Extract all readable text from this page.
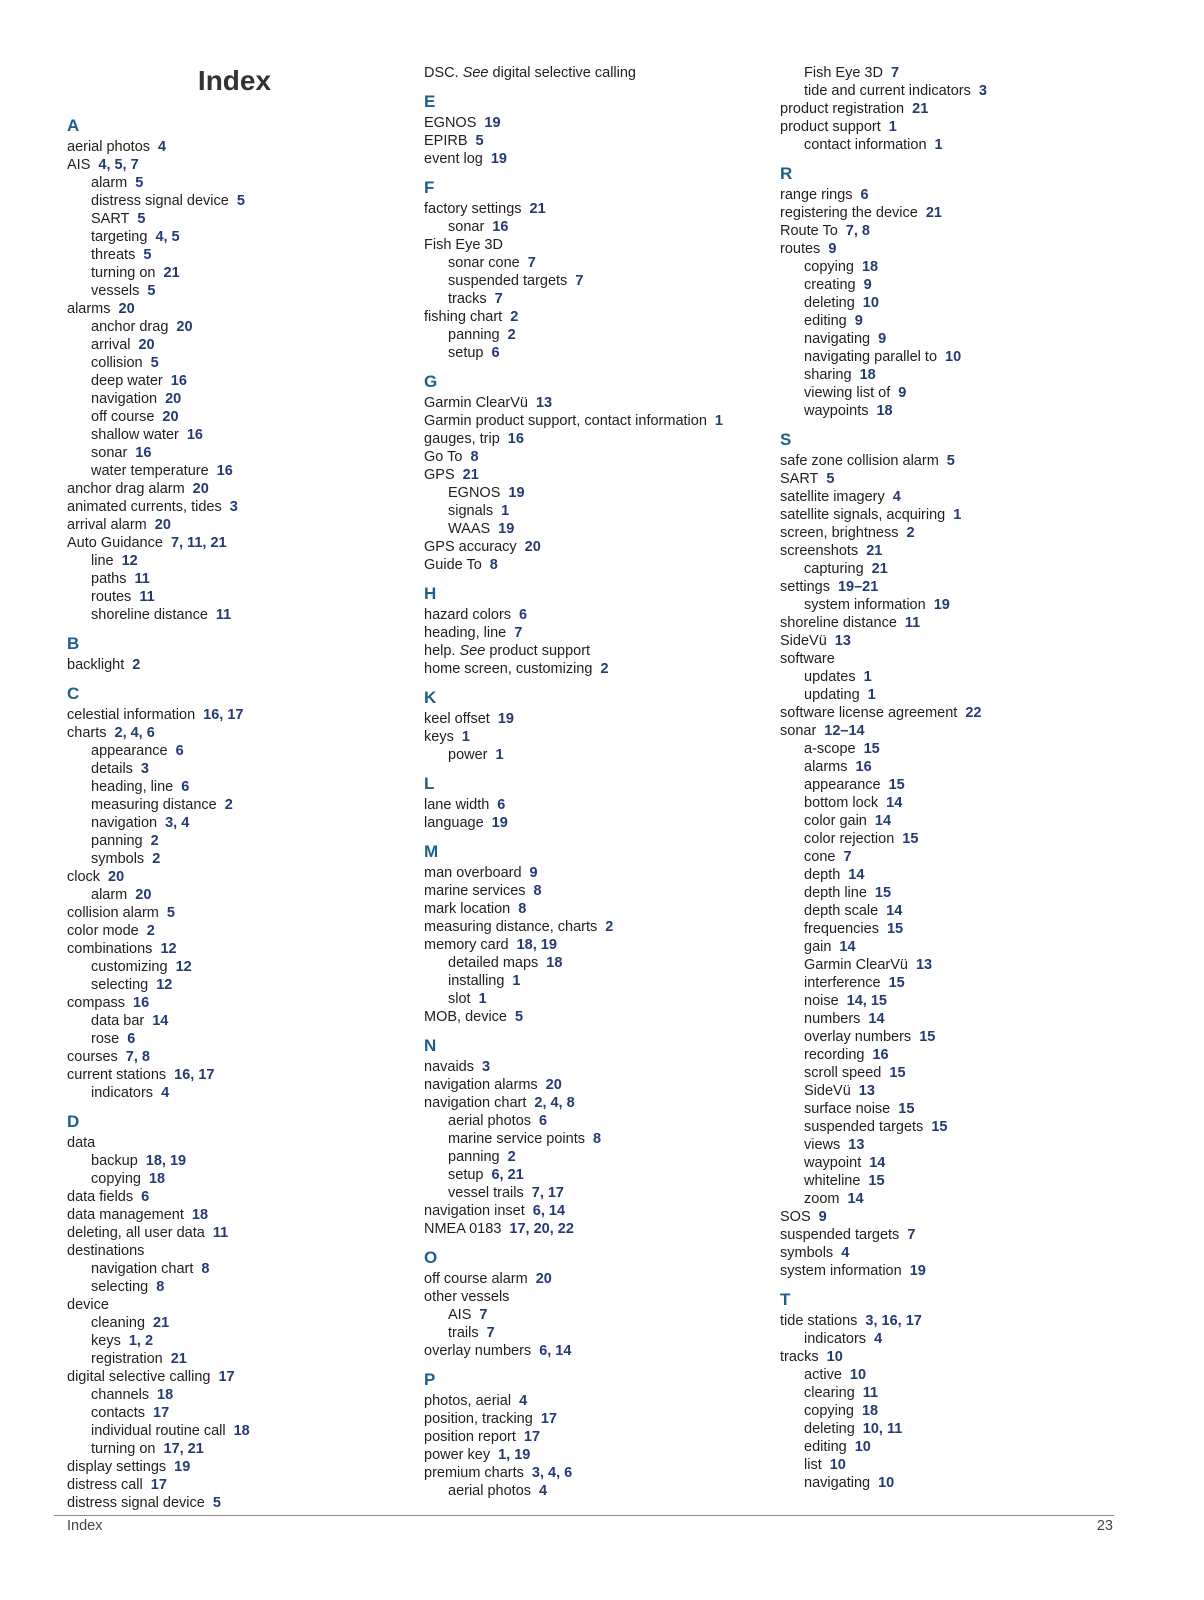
Index
A
aerial photos 4
AIS 4, 5, 7
alarm 5
distress signal device 5
SART 5
targeting 4, 5
threats 5
turning on 21
vessels 5
alarms 20
anchor drag 20
arrival 20
collision 5
deep water 16
navigation 20
off course 20
shallow water 16
sonar 16
water temperature 16
anchor drag alarm 20
animated currents, tides 3
arrival alarm 20
Auto Guidance 7, 11, 21
line 12
paths 11
routes 11
shoreline distance 11
B
backlight 2
C
celestial information 16, 17
charts 2, 4, 6
appearance 6
details 3
heading, line 6
measuring distance 2
navigation 3, 4
panning 2
symbols 2
clock 20
alarm 20
collision alarm 5
color mode 2
combinations 12
customizing 12
selecting 12
compass 16
data bar 14
rose 6
courses 7, 8
current stations 16, 17
indicators 4
D
data
backup 18, 19
copying 18
data fields 6
data management 18
deleting, all user data 11
destinations
navigation chart 8
selecting 8
device
cleaning 21
keys 1, 2
registration 21
digital selective calling 17
channels 18
contacts 17
individual routine call 18
turning on 17, 21
display settings 19
distress call 17
distress signal device 5
DSC. See digital selective calling
E
EGNOS 19
EPIRB 5
event log 19
F
factory settings 21
sonar 16
Fish Eye 3D
sonar cone 7
suspended targets 7
tracks 7
fishing chart 2
panning 2
setup 6
G
Garmin ClearVü 13
Garmin product support, contact information 1
gauges, trip 16
Go To 8
GPS 21
EGNOS 19
signals 1
WAAS 19
GPS accuracy 20
Guide To 8
H
hazard colors 6
heading, line 7
help. See product support
home screen, customizing 2
K
keel offset 19
keys 1
power 1
L
lane width 6
language 19
M
man overboard 9
marine services 8
mark location 8
measuring distance, charts 2
memory card 18, 19
detailed maps 18
installing 1
slot 1
MOB, device 5
N
navaids 3
navigation alarms 20
navigation chart 2, 4, 8
aerial photos 6
marine service points 8
panning 2
setup 6, 21
vessel trails 7, 17
navigation inset 6, 14
NMEA 0183 17, 20, 22
O
off course alarm 20
other vessels
AIS 7
trails 7
overlay numbers 6, 14
P
photos, aerial 4
position, tracking 17
position report 17
power key 1, 19
premium charts 3, 4, 6
aerial photos 4
Fish Eye 3D 7
tide and current indicators 3
product registration 21
product support 1
contact information 1
R
range rings 6
registering the device 21
Route To 7, 8
routes 9
copying 18
creating 9
deleting 10
editing 9
navigating 9
navigating parallel to 10
sharing 18
viewing list of 9
waypoints 18
S
safe zone collision alarm 5
SART 5
satellite imagery 4
satellite signals, acquiring 1
screen, brightness 2
screenshots 21
capturing 21
settings 19–21
system information 19
shoreline distance 11
SideVü 13
software
updates 1
updating 1
software license agreement 22
sonar 12–14
a-scope 15
alarms 16
appearance 15
bottom lock 14
color gain 14
color rejection 15
cone 7
depth 14
depth line 15
depth scale 14
frequencies 15
gain 14
Garmin ClearVü 13
interference 15
noise 14, 15
numbers 14
overlay numbers 15
recording 16
scroll speed 15
SideVü 13
surface noise 15
suspended targets 15
views 13
waypoint 14
whiteline 15
zoom 14
SOS 9
suspended targets 7
symbols 4
system information 19
T
tide stations 3, 16, 17
indicators 4
tracks 10
active 10
clearing 11
copying 18
deleting 10, 11
editing 10
list 10
navigating 10
Index	23
